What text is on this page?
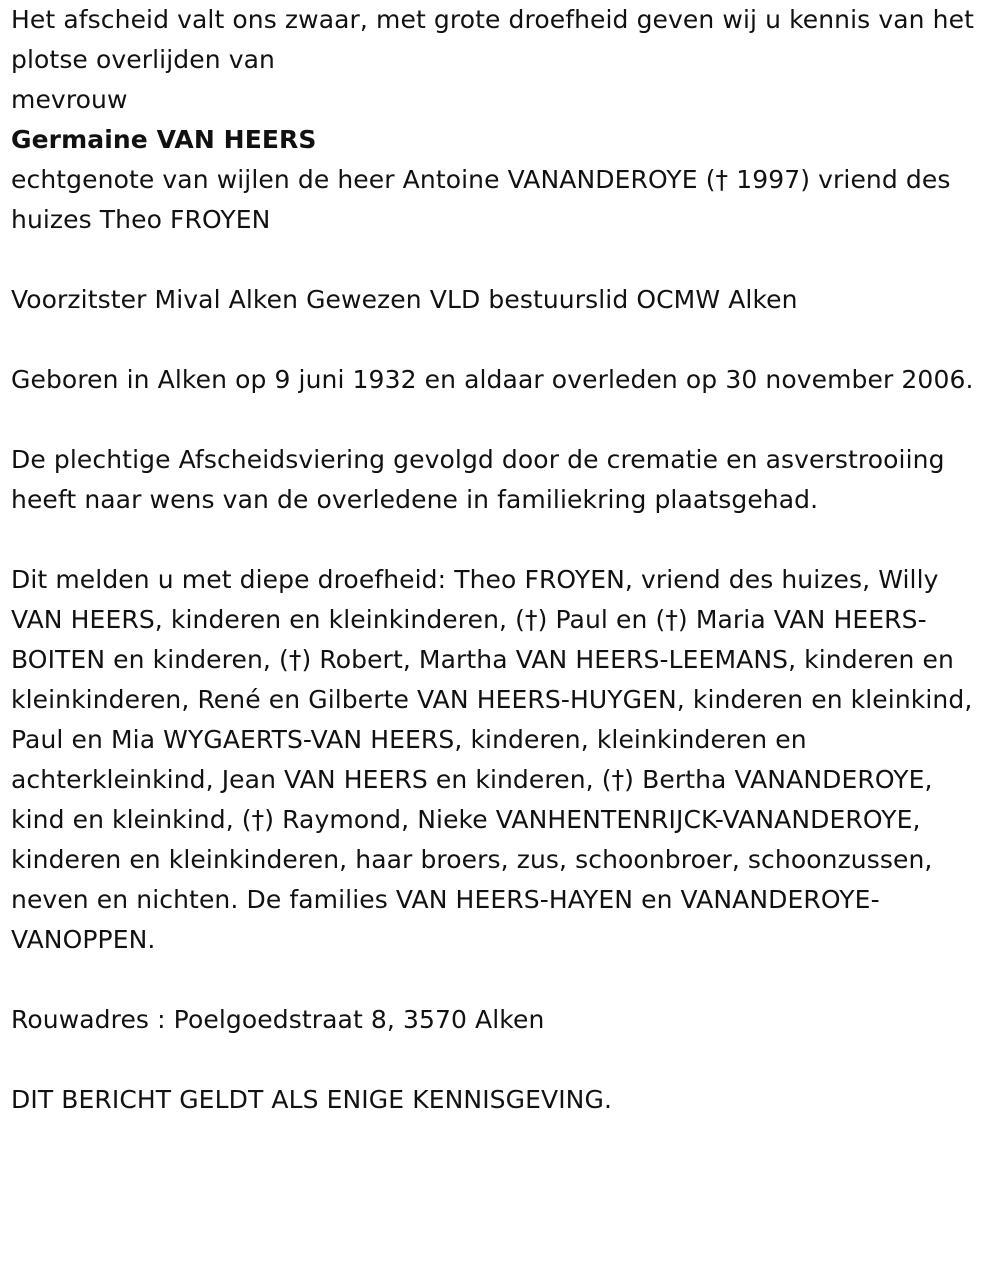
Het afscheid valt ons zwaar, met grote droefheid geven wij u kennis van het plotse overlijden van

mevrouw

Germaine VAN HEERS

echtgenote van wijlen de heer Antoine VANANDEROYE († 1997) vriend des huizes Theo FROYEN

Voorzitster Mival Alken Gewezen VLD bestuurslid OCMW Alken

Geboren in Alken op 9 juni 1932 en aldaar overleden op 30 november 2006.

De plechtige Afscheidsviering gevolgd door de crematie en asverstrooiing heeft naar wens van de overledene in familiekring plaatsgehad.

Dit melden u met diepe droefheid: Theo FROYEN, vriend des huizes, Willy VAN HEERS, kinderen en kleinkinderen, (†) Paul en (†) Maria VAN HEERS-BOITEN en kinderen, (†) Robert, Martha VAN HEERS-LEEMANS, kinderen en kleinkinderen, René en Gilberte VAN HEERS-HUYGEN, kinderen en kleinkind, Paul en Mia WYGAERTS-VAN HEERS, kinderen, kleinkinderen en achterkleinkind, Jean VAN HEERS en kinderen, (†) Bertha VANANDEROYE, kind en kleinkind, (†) Raymond, Nieke VANHENTENRIJCK-VANANDEROYE, kinderen en kleinkinderen, haar broers, zus, schoonbroer, schoonzussen, neven en nichten. De families VAN HEERS-HAYEN en VANANDEROYE-VANOPPEN.

Rouwadres : Poelgoedstraat 8, 3570 Alken

DIT BERICHT GELDT ALS ENIGE KENNISGEVING.
